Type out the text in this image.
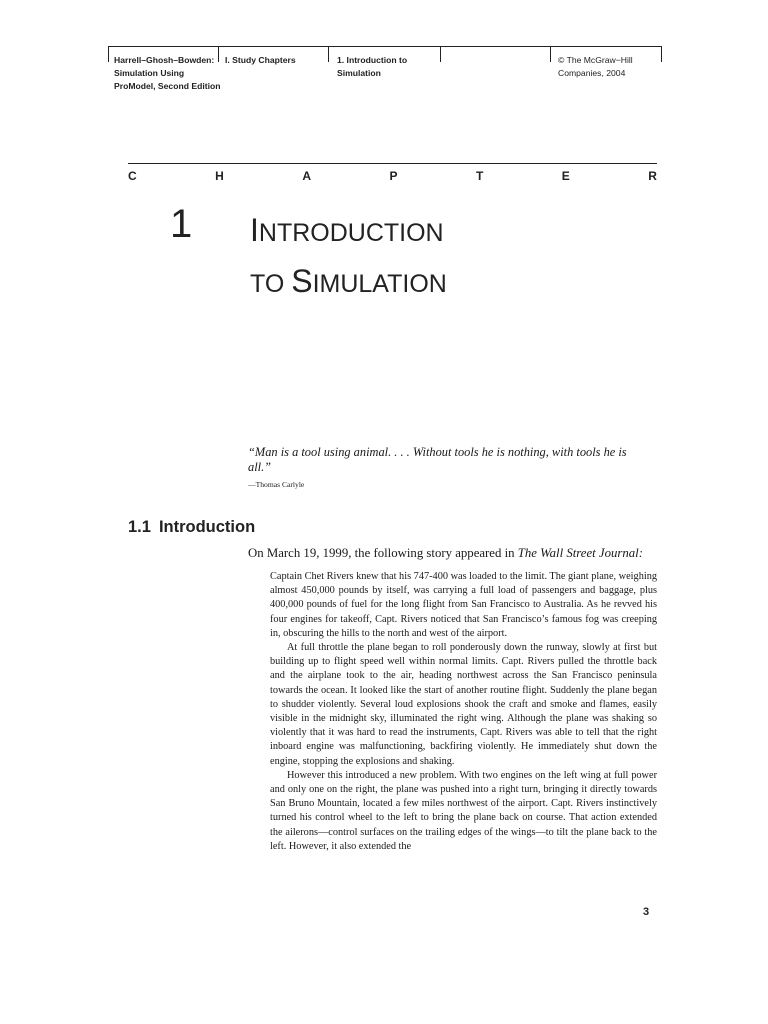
Harrell–Ghosh–Bowden:
Simulation Using
ProModel, Second Edition
I. Study Chapters	1. Introduction to
Simulation
© The McGraw−Hill
Companies, 2004
C	H	A	P	T	E	R
1 INTRODUCTION
TO SIMULATION

“Man is a tool using animal. . . . Without tools he is nothing, with tools he is all.”

—Thomas Carlyle
1.1 Introduction
On March 19, 1999, the following story appeared in The Wall Street Journal:

Captain Chet Rivers knew that his 747-400 was loaded to the limit. The giant plane, weighing almost 450,000 pounds by itself, was carrying a full load of passengers and baggage, plus 400,000 pounds of fuel for the long flight from San Francisco to Australia. As he revved his four engines for takeoff, Capt. Rivers noticed that San Francisco’s famous fog was creeping in, obscuring the hills to the north and west of the airport.

At full throttle the plane began to roll ponderously down the runway, slowly at first but building up to flight speed well within normal limits. Capt. Rivers pulled the throttle back and the airplane took to the air, heading northwest across the San Francisco peninsula towards the ocean. It looked like the start of another routine flight. Suddenly the plane began to shudder violently. Several loud explosions shook the craft and smoke and flames, easily visible in the midnight sky, illuminated the right wing. Although the plane was shaking so violently that it was hard to read the instruments, Capt. Rivers was able to tell that the right inboard engine was malfunctioning, backfiring violently. He immediately shut down the engine, stopping the explosions and shaking.

However this introduced a new problem. With two engines on the left wing at full power and only one on the right, the plane was pushed into a right turn, bringing it directly towards San Bruno Mountain, located a few miles northwest of the airport. Capt. Rivers instinctively turned his control wheel to the left to bring the plane back on course. That action extended the ailerons—control surfaces on the trailing edges of the wings—to tilt the plane back to the left. However, it also extended the

3
